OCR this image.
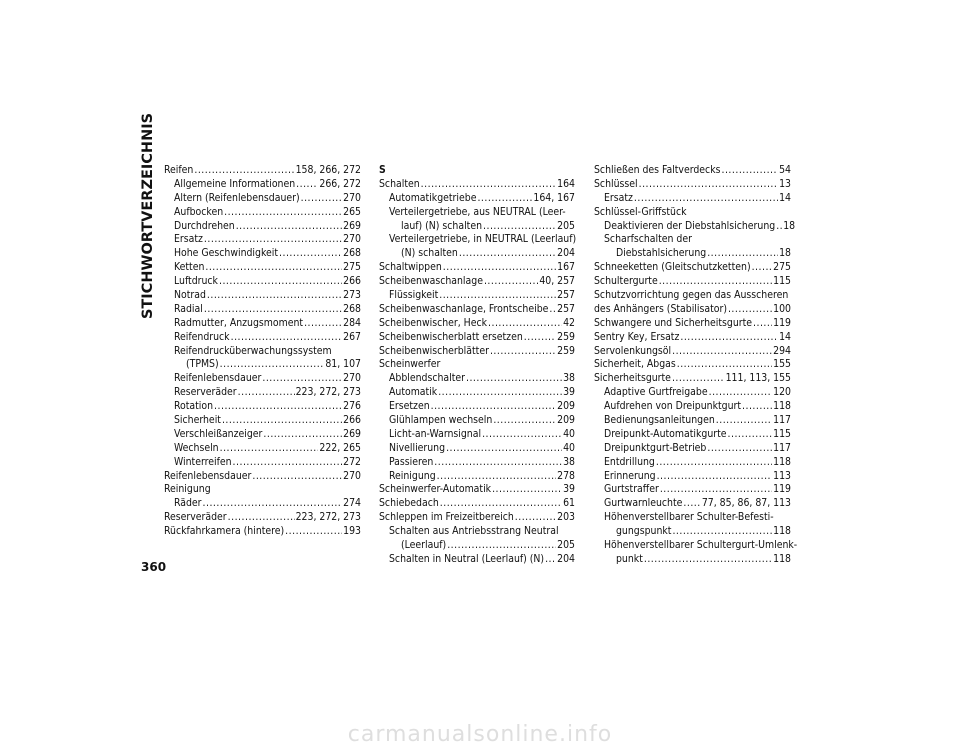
STICHWORTVERZEICHNIS Reifen .....	158, 266, 272
Allgemeine Informationen ..... 266, 272
Altern (Reifenlebensdauer) .....	270
Aufbocken .....	265
Durchdrehen .....	269
Ersatz .....	270
Hohe Geschwindigkeit .....	268
Ketten .....	275
Luftdruck .....	266
Notrad .....	273
Radial .....	268
Radmutter, Anzugsmoment .....	284
Reifendruck .....	267
Reifendrucküberwachungssystem
(TPMS) .....	81, 107
Reifenlebensdauer .....	270
Reserveräder .....	223, 272, 273
Rotation .....	276
Sicherheit .....	266
Verschleißanzeiger .....	269
Wechseln .....	222, 265
Winterreifen .....	272
Reifenlebensdauer .....	270
Reinigung
Räder .....	274
Reserveräder .....	223, 272, 273
Rückfahrkamera (hintere) .....	193
S
Schalten .....	164
Automatikgetriebe .....	164, 167
Verteilergetriebe, aus NEUTRAL (Leer-
lauf) (N) schalten .....	205
Verteilergetriebe, in NEUTRAL (Leerlauf)
(N) schalten .....	204
Schaltwippen .....	167
Scheibenwaschanlage .....	40, 257
Flüssigkeit .....	257
Scheibenwaschanlage, Frontscheibe ..... 257
Scheibenwischer, Heck .....	42
Scheibenwischerblatt ersetzen .....	259
Scheibenwischerblätter .....	259
Scheinwerfer
Abblendschalter .....	38
Automatik .....	39
Ersetzen .....	209
Glühlampen wechseln .....	209
Licht-an-Warnsignal .....	40
Nivellierung .....	40
Passieren .....	38
Reinigung .....	278
Scheinwerfer-Automatik .....	39
Schiebedach .....	61
Schleppen im Freizeitbereich .....	203
Schalten aus Antriebsstrang Neutral
(Leerlauf) .....	205
Schalten in Neutral (Leerlauf) (N) ..... 204
Schließen des Faltverdecks .....	54
Schlüssel .....	13
Ersatz .....	14
Schlüssel-Griffstück
Deaktivieren der Diebstahlsicherung ..... 18
Scharfschalten der
Diebstahlsicherung .....	18
Schneeketten (Gleitschutzketten) ..... 275
Schultergurte .....	115
Schutzvorrichtung gegen das Ausscheren
des Anhängers (Stabilisator) .....	100
Schwangere und Sicherheitsgurte ..... 119
Sentry Key, Ersatz .....	14
Servolenkungsöl .....	294
Sicherheit, Abgas .....	155
Sicherheitsgurte .....	111, 113, 155
Adaptive Gurtfreigabe .....	120
Aufdrehen von Dreipunktgurt .....	118
Bedienungsanleitungen .....	117
Dreipunkt-Automatikgurte .....	115
Dreipunktgurt-Betrieb .....	117
Entdrillung .....	118
Erinnerung .....	113
Gurtstraffer .....	119
Gurtwarnleuchte ..... 77, 85, 86, 87, 113
Höhenverstellbarer Schulter-Befesti-
gungspunkt .....	118
Höhenverstellbarer Schultergurt-Umlenk-
punkt .....	118
360
carmanualsonline.info
